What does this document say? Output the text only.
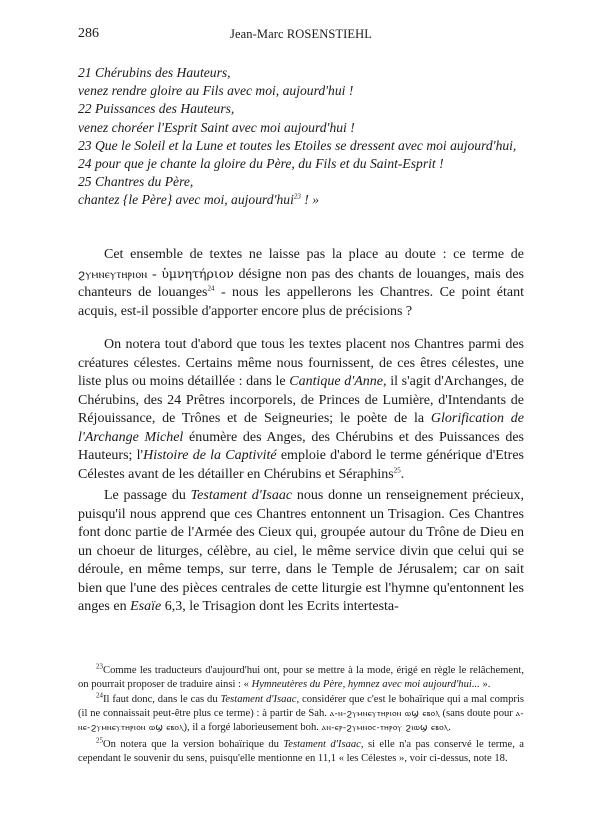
286	Jean-Marc ROSENSTIEHL
21 Chérubins des Hauteurs,
venez rendre gloire au Fils avec moi, aujourd'hui !
22 Puissances des Hauteurs,
venez choréer l'Esprit Saint avec moi aujourd'hui !
23 Que le Soleil et la Lune et toutes les Etoiles se dressent avec moi aujourd'hui,
24 pour que je chante la gloire du Père, du Fils et du Saint-Esprit !
25 Chantres du Père,
chantez {le Père} avec moi, aujourd'hui$^{23}$ ! »

Cet ensemble de textes ne laisse pas la place au doute : ce terme de ϩⲩⲙⲛⲉⲩⲧⲏⲣⲓⲟⲛ - ὑμνητήριον désigne non pas des chants de louanges, mais des chanteurs de louanges$^{24}$ - nous les appellerons les Chantres. Ce point étant acquis, est-il possible d'apporter encore plus de précisions ?

On notera tout d'abord que tous les textes placent nos Chantres parmi des créatures célestes. Certains même nous fournissent, de ces êtres célestes, une liste plus ou moins détaillée : dans le Cantique d'Anne, il s'agit d'Archanges, de Chérubins, des 24 Prêtres incorporels, de Princes de Lumière, d'Intendants de Réjouissance, de Trônes et de Seigneuries; le poète de la Glorification de l'Archange Michel énumère des Anges, des Chérubins et des Puissances des Hauteurs; l'Histoire de la Captivité emploie d'abord le terme générique d'Etres Célestes avant de les détailler en Chérubins et Séraphins$^{25}$.

Le passage du Testament d'Isaac nous donne un renseignement précieux, puisqu'il nous apprend que ces Chantres entonnent un Trisagion. Ces Chantres font donc partie de l'Armée des Cieux qui, groupée autour du Trône de Dieu en un choeur de liturges, célèbre, au ciel, le même service divin que celui qui se déroule, en même temps, sur terre, dans le Temple de Jérusalem; car on sait bien que l'une des pièces centrales de cette liturgie est l'hymne qu'entonnent les anges en Esaïe 6,3, le Trisagion dont les Ecrits intertesta-

$^{23}$Comme les traducteurs d'aujourd'hui ont, pour se mettre à la mode, érigé en règle le relâchement, on pourrait proposer de traduire ainsi : « Hymneutères du Père, hymnez avec moi aujourd'hui... ».

$^{24}$Il faut donc, dans le cas du Testament d'Isaac, considérer que c'est le bohaïrique qui a mal compris (il ne connaissait peut-être plus ce terme) : à partir de Sah. ⲁ-ⲛ-ϩⲩⲙⲛⲉⲩⲧⲏⲣⲓⲟⲛ ⲱϣ ⲉⲃⲟⲗ (sans doute pour ⲁ-ⲛⲉ-ϩⲩⲙⲛⲉⲩⲧⲏⲣⲓⲟⲛ ⲱϣ ⲉⲃⲟⲗ), il a forgé laborieusement boh. ⲁⲛ-ⲉⲣ-ϩⲩⲙⲛⲟⲥ-ⲧⲏⲣⲟⲩ ϩⲓⲱϣ ⲉⲃⲟⲗ.

$^{25}$On notera que la version bohaïrique du Testament d'Isaac, si elle n'a pas conservé le terme, a cependant le souvenir du sens, puisqu'elle mentionne en 11,1 « les Célestes », voir ci-dessus, note 18.
